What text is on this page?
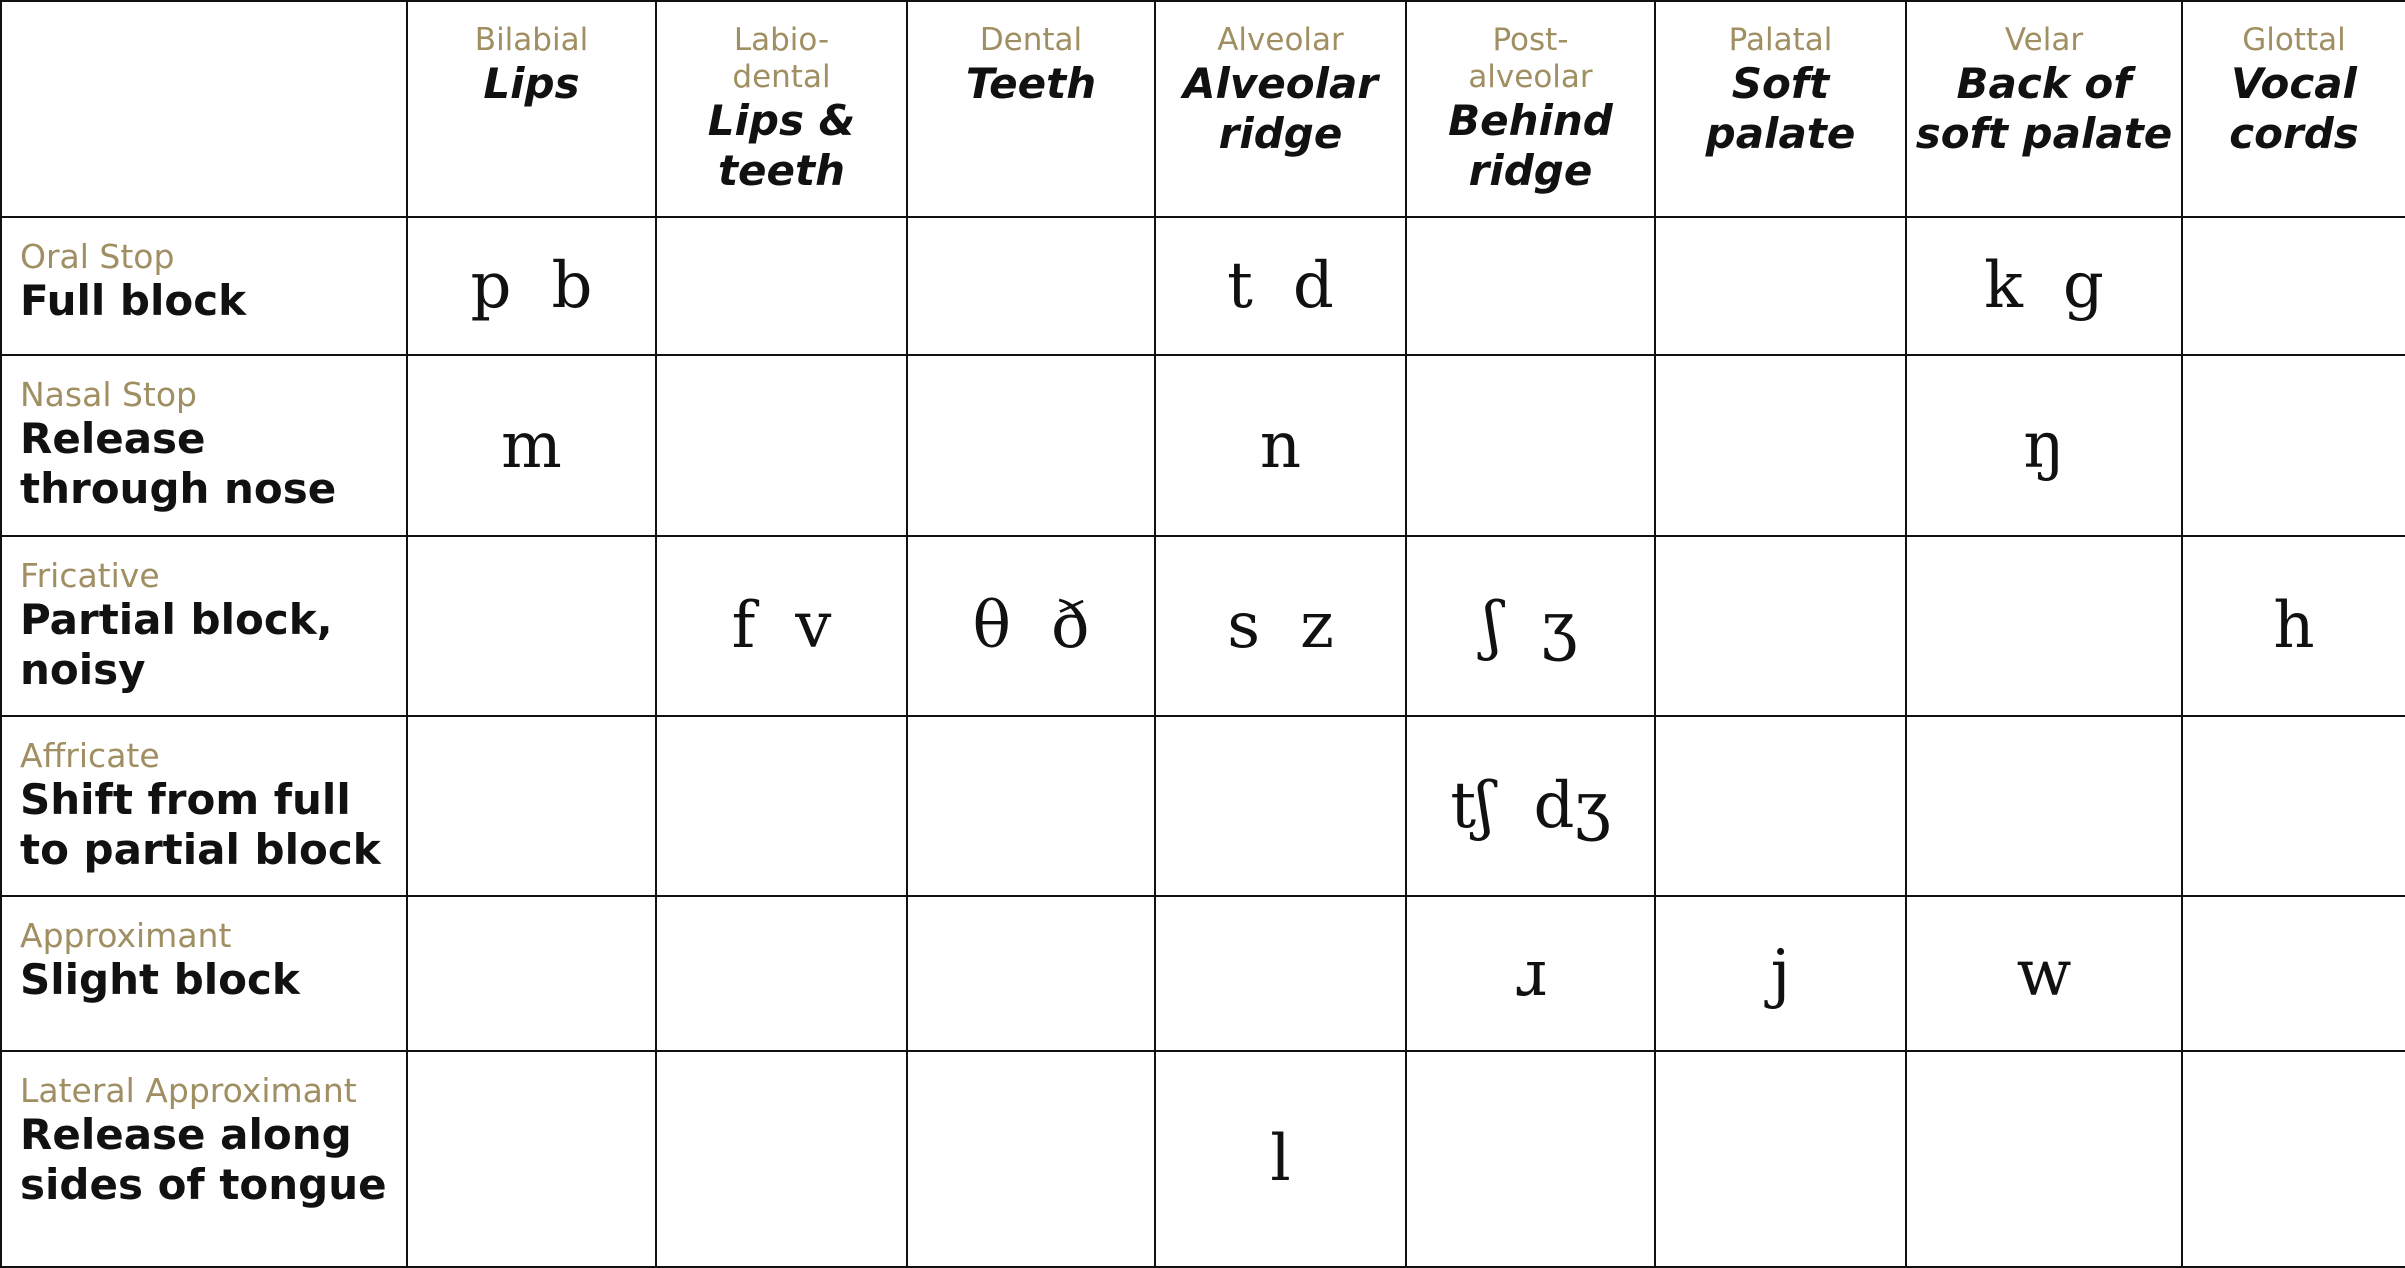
	Bilabial
Lips	Labio-
dental
Lips &
teeth	Dental
Teeth	Alveolar
Alveolar
ridge	Post-
alveolar
Behind
ridge	Palatal
Soft
palate	Velar
Back of
soft palate	Glottal
Vocal
cords

Oral Stop
Full block	p b			t d			k g	

Nasal Stop
Release through nose	m			n			ŋ	

Fricative
Partial block, noisy		f v	θ ð	s z	ʃ ʒ			h

Affricate
Shift from full to partial block					tʃ dʒ			

Approximant
Slight block					ɹ	j	w	

Lateral Approximant
Release along sides of tongue				l				
